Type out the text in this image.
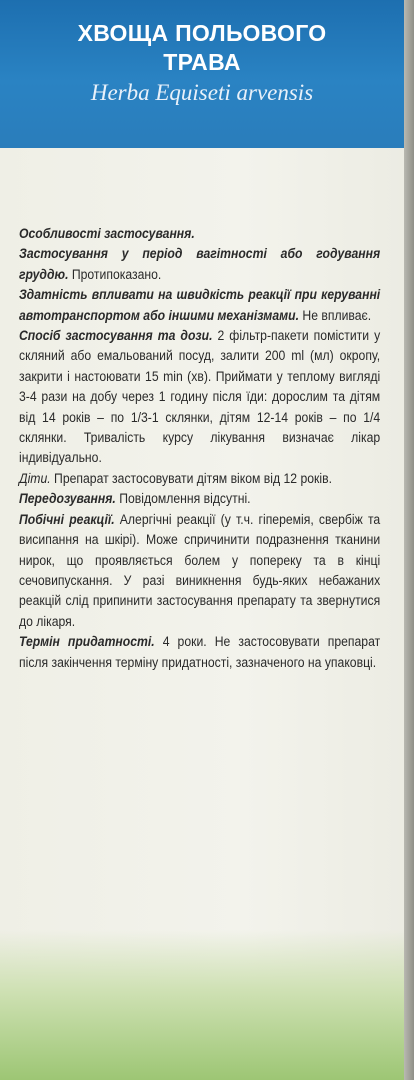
ХВОЩА ПОЛЬОВОГО
ТРАВА
Herba Equiseti arvensis

Особливості застосування.

Застосування у період вагітності або годування груддю. Протипоказано.

Здатність впливати на швидкість реакції при керуванні автотранспортом або іншими механізмами. Не впливає.

Спосіб застосування та дози. 2 фільтр-пакети помістити у скляний або емальований посуд, залити 200 ml (мл) окропу, закрити і настоювати 15 min (хв). Приймати у теплому вигляді 3-4 рази на добу через 1 годину після їди: дорослим та дітям від 14 років – по 1/3-1 склянки, дітям 12-14 років – по 1/4 склянки. Тривалість курсу лікування визначає лікар індивідуально.

Діти. Препарат застосовувати дітям віком від 12 років.

Передозування. Повідомлення відсутні.

Побічні реакції. Алергічні реакції (у т.ч. гіперемія, свербіж та висипання на шкірі). Може спричинити подразнення тканини нирок, що проявляється болем у попереку та в кінці сечовипускання. У разі виникнення будь-яких небажаних реакцій слід припинити застосування препарату та звернутися до лікаря.

Термін придатності. 4 роки. Не застосовувати препарат після закінчення терміну придатності, зазначеного на упаковці.
